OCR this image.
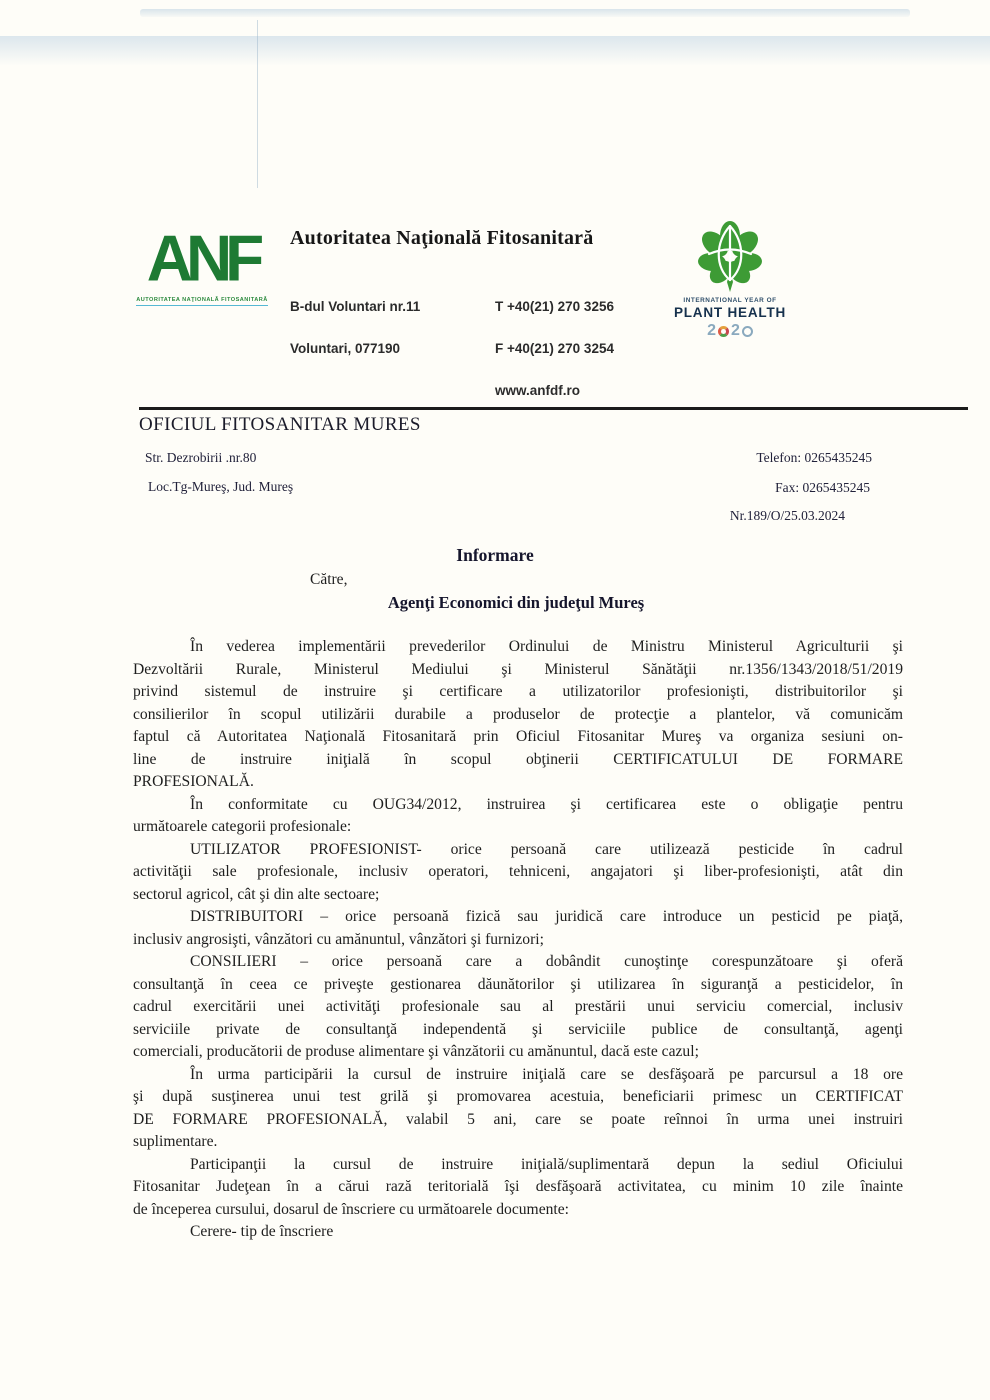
ANF
AUTORITATEA NAŢIONALĂ FITOSANITARĂ
Autoritatea Naţională Fitosanitară

B-dul Voluntari nr.11

Voluntari, 077190

T +40(21) 270 3256

F +40(21) 270 3254

www.anfdf.ro

INTERNATIONAL YEAR OF
PLANT HEALTH
2 2
OFICIUL FITOSANITAR MURES
Str. Dezrobirii .nr.80
Loc.Tg-Mureş, Jud. Mureş
Telefon: 0265435245
Fax: 0265435245
Nr.189/O/25.03.2024
Informare
Către,
Agenţi Economici din judeţul Mureş
În vederea implementării prevederilor Ordinului de Ministru Ministerul Agriculturii şi
Dezvoltării Rurale, Ministerul Mediului şi Ministerul Sănătăţii nr.1356/1343/2018/51/2019
privind sistemul de instruire şi certificare a utilizatorilor profesionişti, distribuitorilor şi
consilierilor în scopul utilizării durabile a produselor de protecţie a plantelor, vă comunicăm
faptul că Autoritatea Naţională Fitosanitară prin Oficiul Fitosanitar Mureş va organiza sesiuni on-
line de instruire iniţială în scopul obţinerii CERTIFICATULUI DE FORMARE
PROFESIONALĂ.
În conformitate cu OUG34/2012, instruirea şi certificarea este o obligaţie pentru
următoarele categorii profesionale:
UTILIZATOR PROFESIONIST- orice persoană care utilizează pesticide în cadrul
activităţii sale profesionale, inclusiv operatori, tehniceni, angajatori şi liber-profesionişti, atât din
sectorul agricol, cât şi din alte sectoare;
DISTRIBUITORI – orice persoană fizică sau juridică care introduce un pesticid pe piaţă,
inclusiv angrosişti, vânzători cu amănuntul, vânzători şi furnizori;
CONSILIERI – orice persoană care a dobândit cunoştinţe corespunzătoare şi oferă
consultanţă în ceea ce priveşte gestionarea dăunătorilor şi utilizarea în siguranţă a pesticidelor, în
cadrul exercitării unei activităţi profesionale sau al prestării unui serviciu comercial, inclusiv
serviciile private de consultanţă independentă şi serviciile publice de consultanţă, agenţi
comerciali, producătorii de produse alimentare şi vânzătorii cu amănuntul, dacă este cazul;
În urma participării la cursul de instruire iniţială care se desfăşoară pe parcursul a 18 ore
şi după susţinerea unui test grilă şi promovarea acestuia, beneficiarii primesc un CERTIFICAT
DE FORMARE PROFESIONALĂ, valabil 5 ani, care se poate reînnoi în urma unei instruiri
suplimentare.
Participanţii la cursul de instruire iniţială/suplimentară depun la sediul Oficiului
Fitosanitar Judeţean în a cărui rază teritorială îşi desfăşoară activitatea, cu minim 10 zile înainte
de începerea cursului, dosarul de înscriere cu următoarele documente:
Cerere- tip de înscriere
